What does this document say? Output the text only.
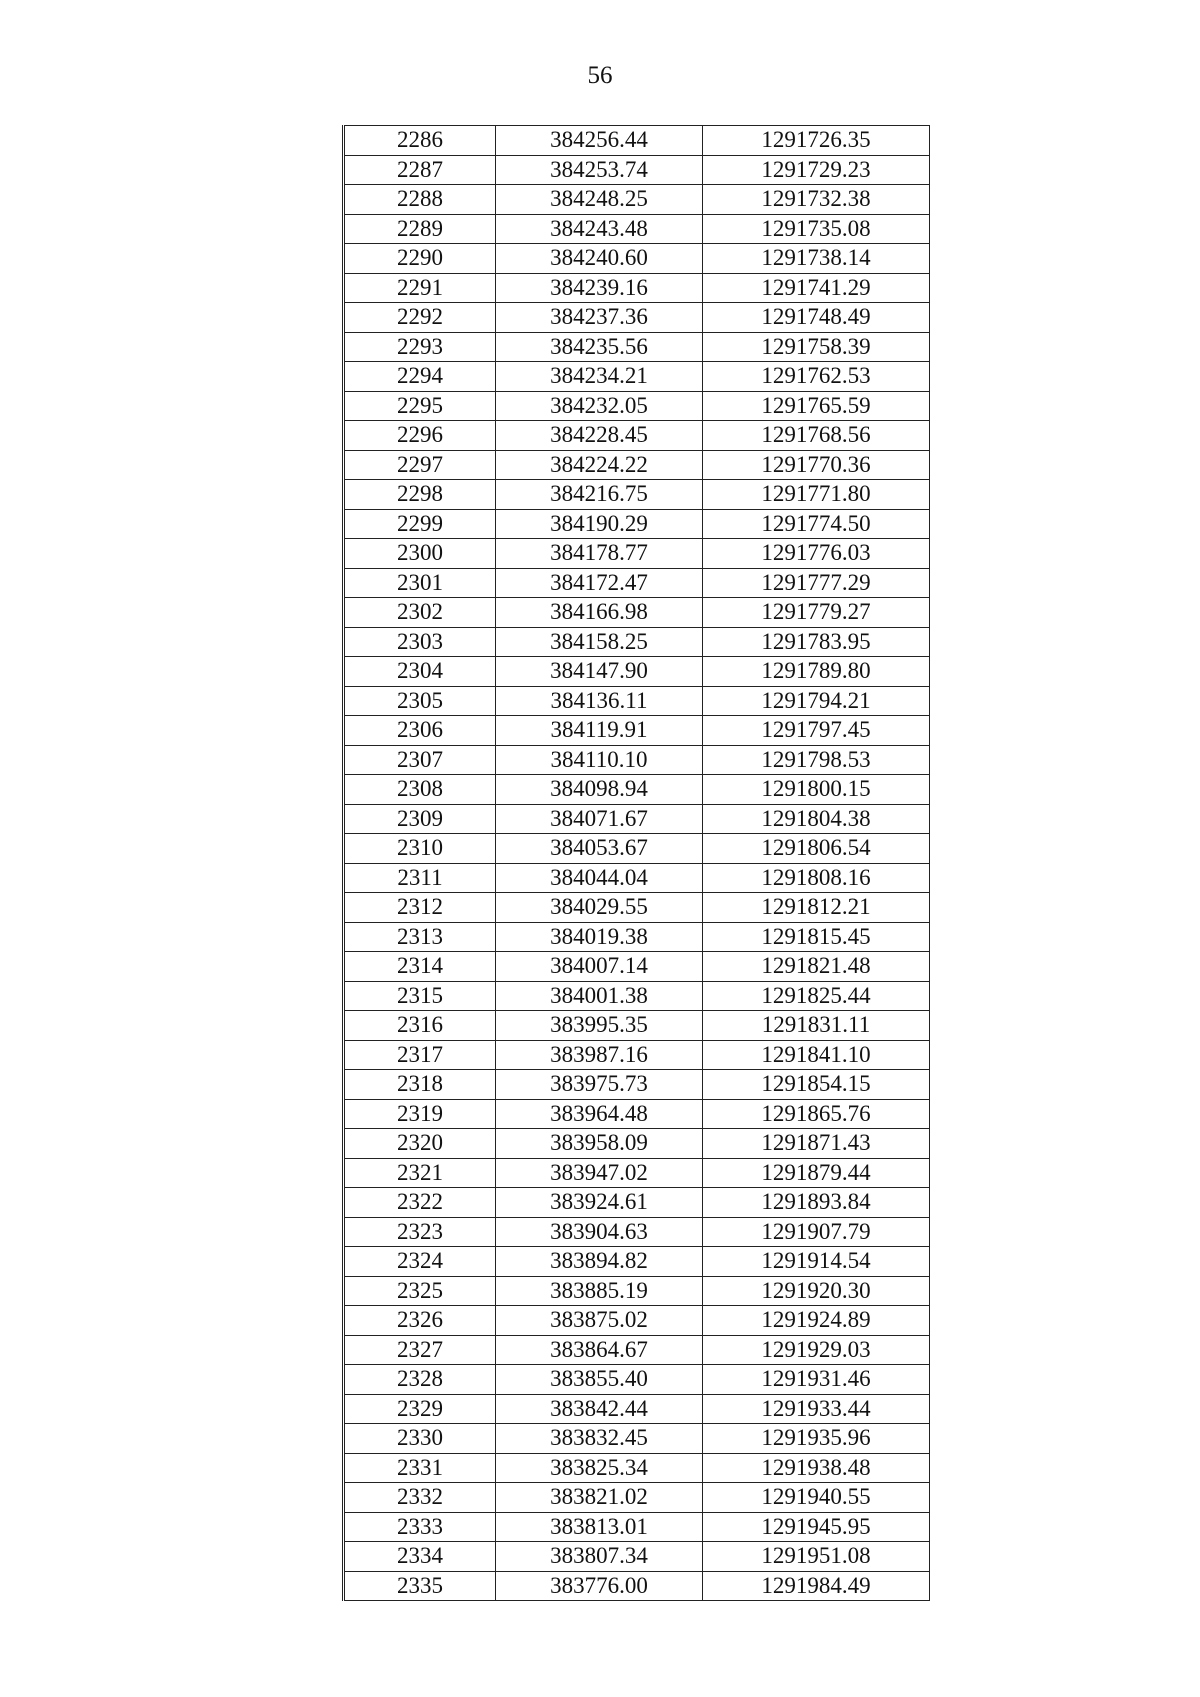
56
2286	384256.44	1291726.35
2287	384253.74	1291729.23
2288	384248.25	1291732.38
2289	384243.48	1291735.08
2290	384240.60	1291738.14
2291	384239.16	1291741.29
2292	384237.36	1291748.49
2293	384235.56	1291758.39
2294	384234.21	1291762.53
2295	384232.05	1291765.59
2296	384228.45	1291768.56
2297	384224.22	1291770.36
2298	384216.75	1291771.80
2299	384190.29	1291774.50
2300	384178.77	1291776.03
2301	384172.47	1291777.29
2302	384166.98	1291779.27
2303	384158.25	1291783.95
2304	384147.90	1291789.80
2305	384136.11	1291794.21
2306	384119.91	1291797.45
2307	384110.10	1291798.53
2308	384098.94	1291800.15
2309	384071.67	1291804.38
2310	384053.67	1291806.54
2311	384044.04	1291808.16
2312	384029.55	1291812.21
2313	384019.38	1291815.45
2314	384007.14	1291821.48
2315	384001.38	1291825.44
2316	383995.35	1291831.11
2317	383987.16	1291841.10
2318	383975.73	1291854.15
2319	383964.48	1291865.76
2320	383958.09	1291871.43
2321	383947.02	1291879.44
2322	383924.61	1291893.84
2323	383904.63	1291907.79
2324	383894.82	1291914.54
2325	383885.19	1291920.30
2326	383875.02	1291924.89
2327	383864.67	1291929.03
2328	383855.40	1291931.46
2329	383842.44	1291933.44
2330	383832.45	1291935.96
2331	383825.34	1291938.48
2332	383821.02	1291940.55
2333	383813.01	1291945.95
2334	383807.34	1291951.08
2335	383776.00	1291984.49
